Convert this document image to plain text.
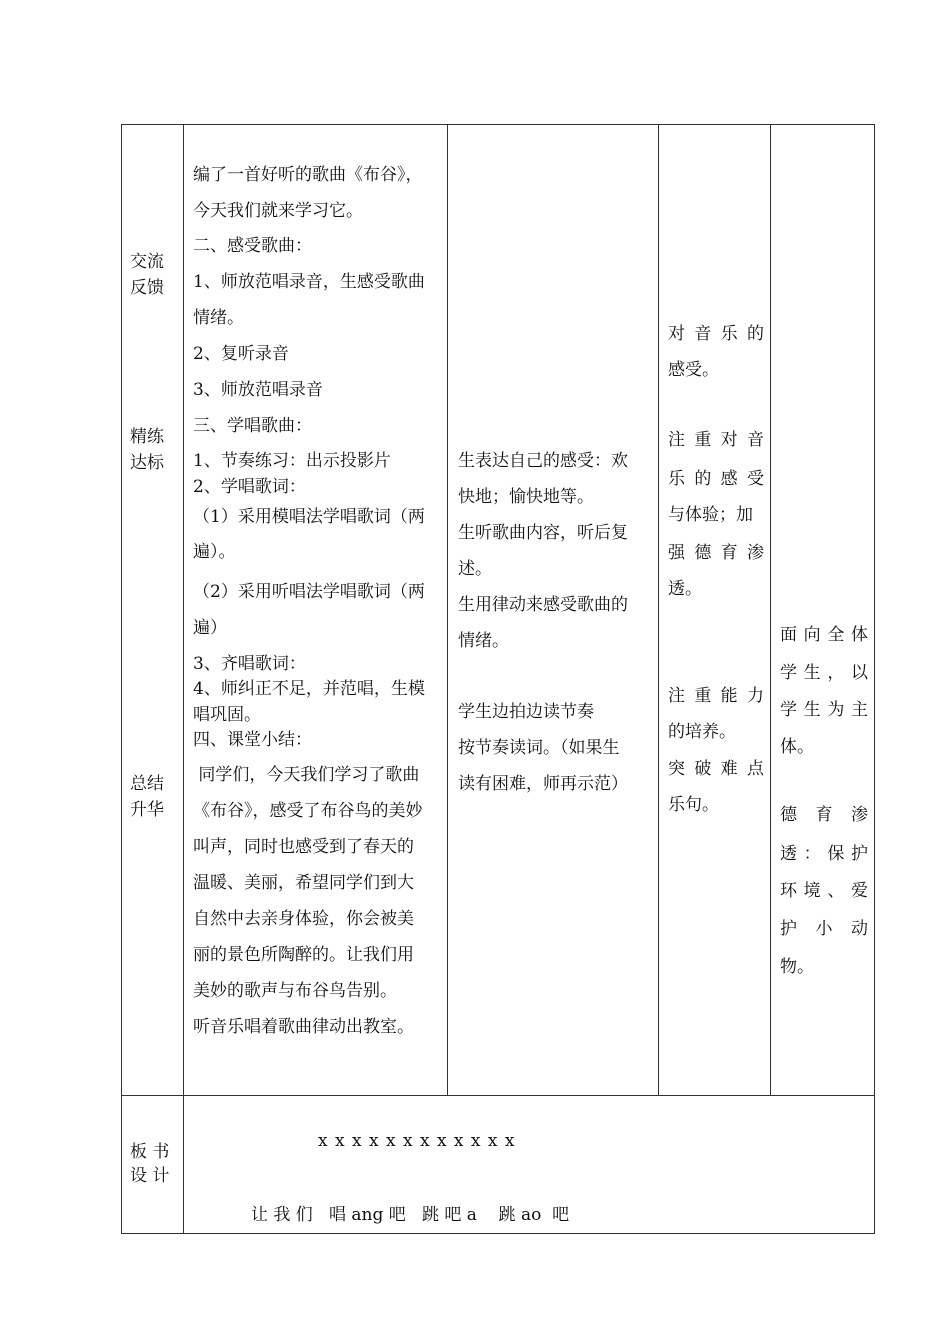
交流
反馈
精练
达标
总结
升华
板 书
设 计
编了一首好听的歌曲《布谷》，
今天我们就来学习它。
二、感受歌曲：
1、师放范唱录音，生感受歌曲
情绪。
2、复听录音
3、师放范唱录音
三、学唱歌曲：
1、节奏练习：出示投影片
2、学唱歌词：
（1）采用模唱法学唱歌词（两
遍）。
（2）采用听唱法学唱歌词（两
遍）
3、齐唱歌词：
4、师纠正不足，并范唱，生模
唱巩固。
四、课堂小结：
同学们，今天我们学习了歌曲
《布谷》，感受了布谷鸟的美妙
叫声，同时也感受到了春天的
温暖、美丽，希望同学们到大
自然中去亲身体验，你会被美
丽的景色所陶醉的。让我们用
美妙的歌声与布谷鸟告别。
听音乐唱着歌曲律动出教室。
生表达自己的感受：欢
快地；愉快地等。
生听歌曲内容，听后复
述。
生用律动来感受歌曲的
情绪。
学生边拍边读节奏
按节奏读词。（如果生
读有困难，师再示范）
对 音 乐 的
感受。
注 重 对 音
乐 的 感 受
与体验；加
强 德 育 渗
透。
注 重 能 力
的培养。
突 破 难 点
乐句。
面向全体
学生，以
学生为主
体。
德　育　渗
透：保护
环境、爱
护　小　动
物。
x x x x x x x x x x x x
让 我 们   唱 ang 吧   跳 吧 a    跳 ao  吧
